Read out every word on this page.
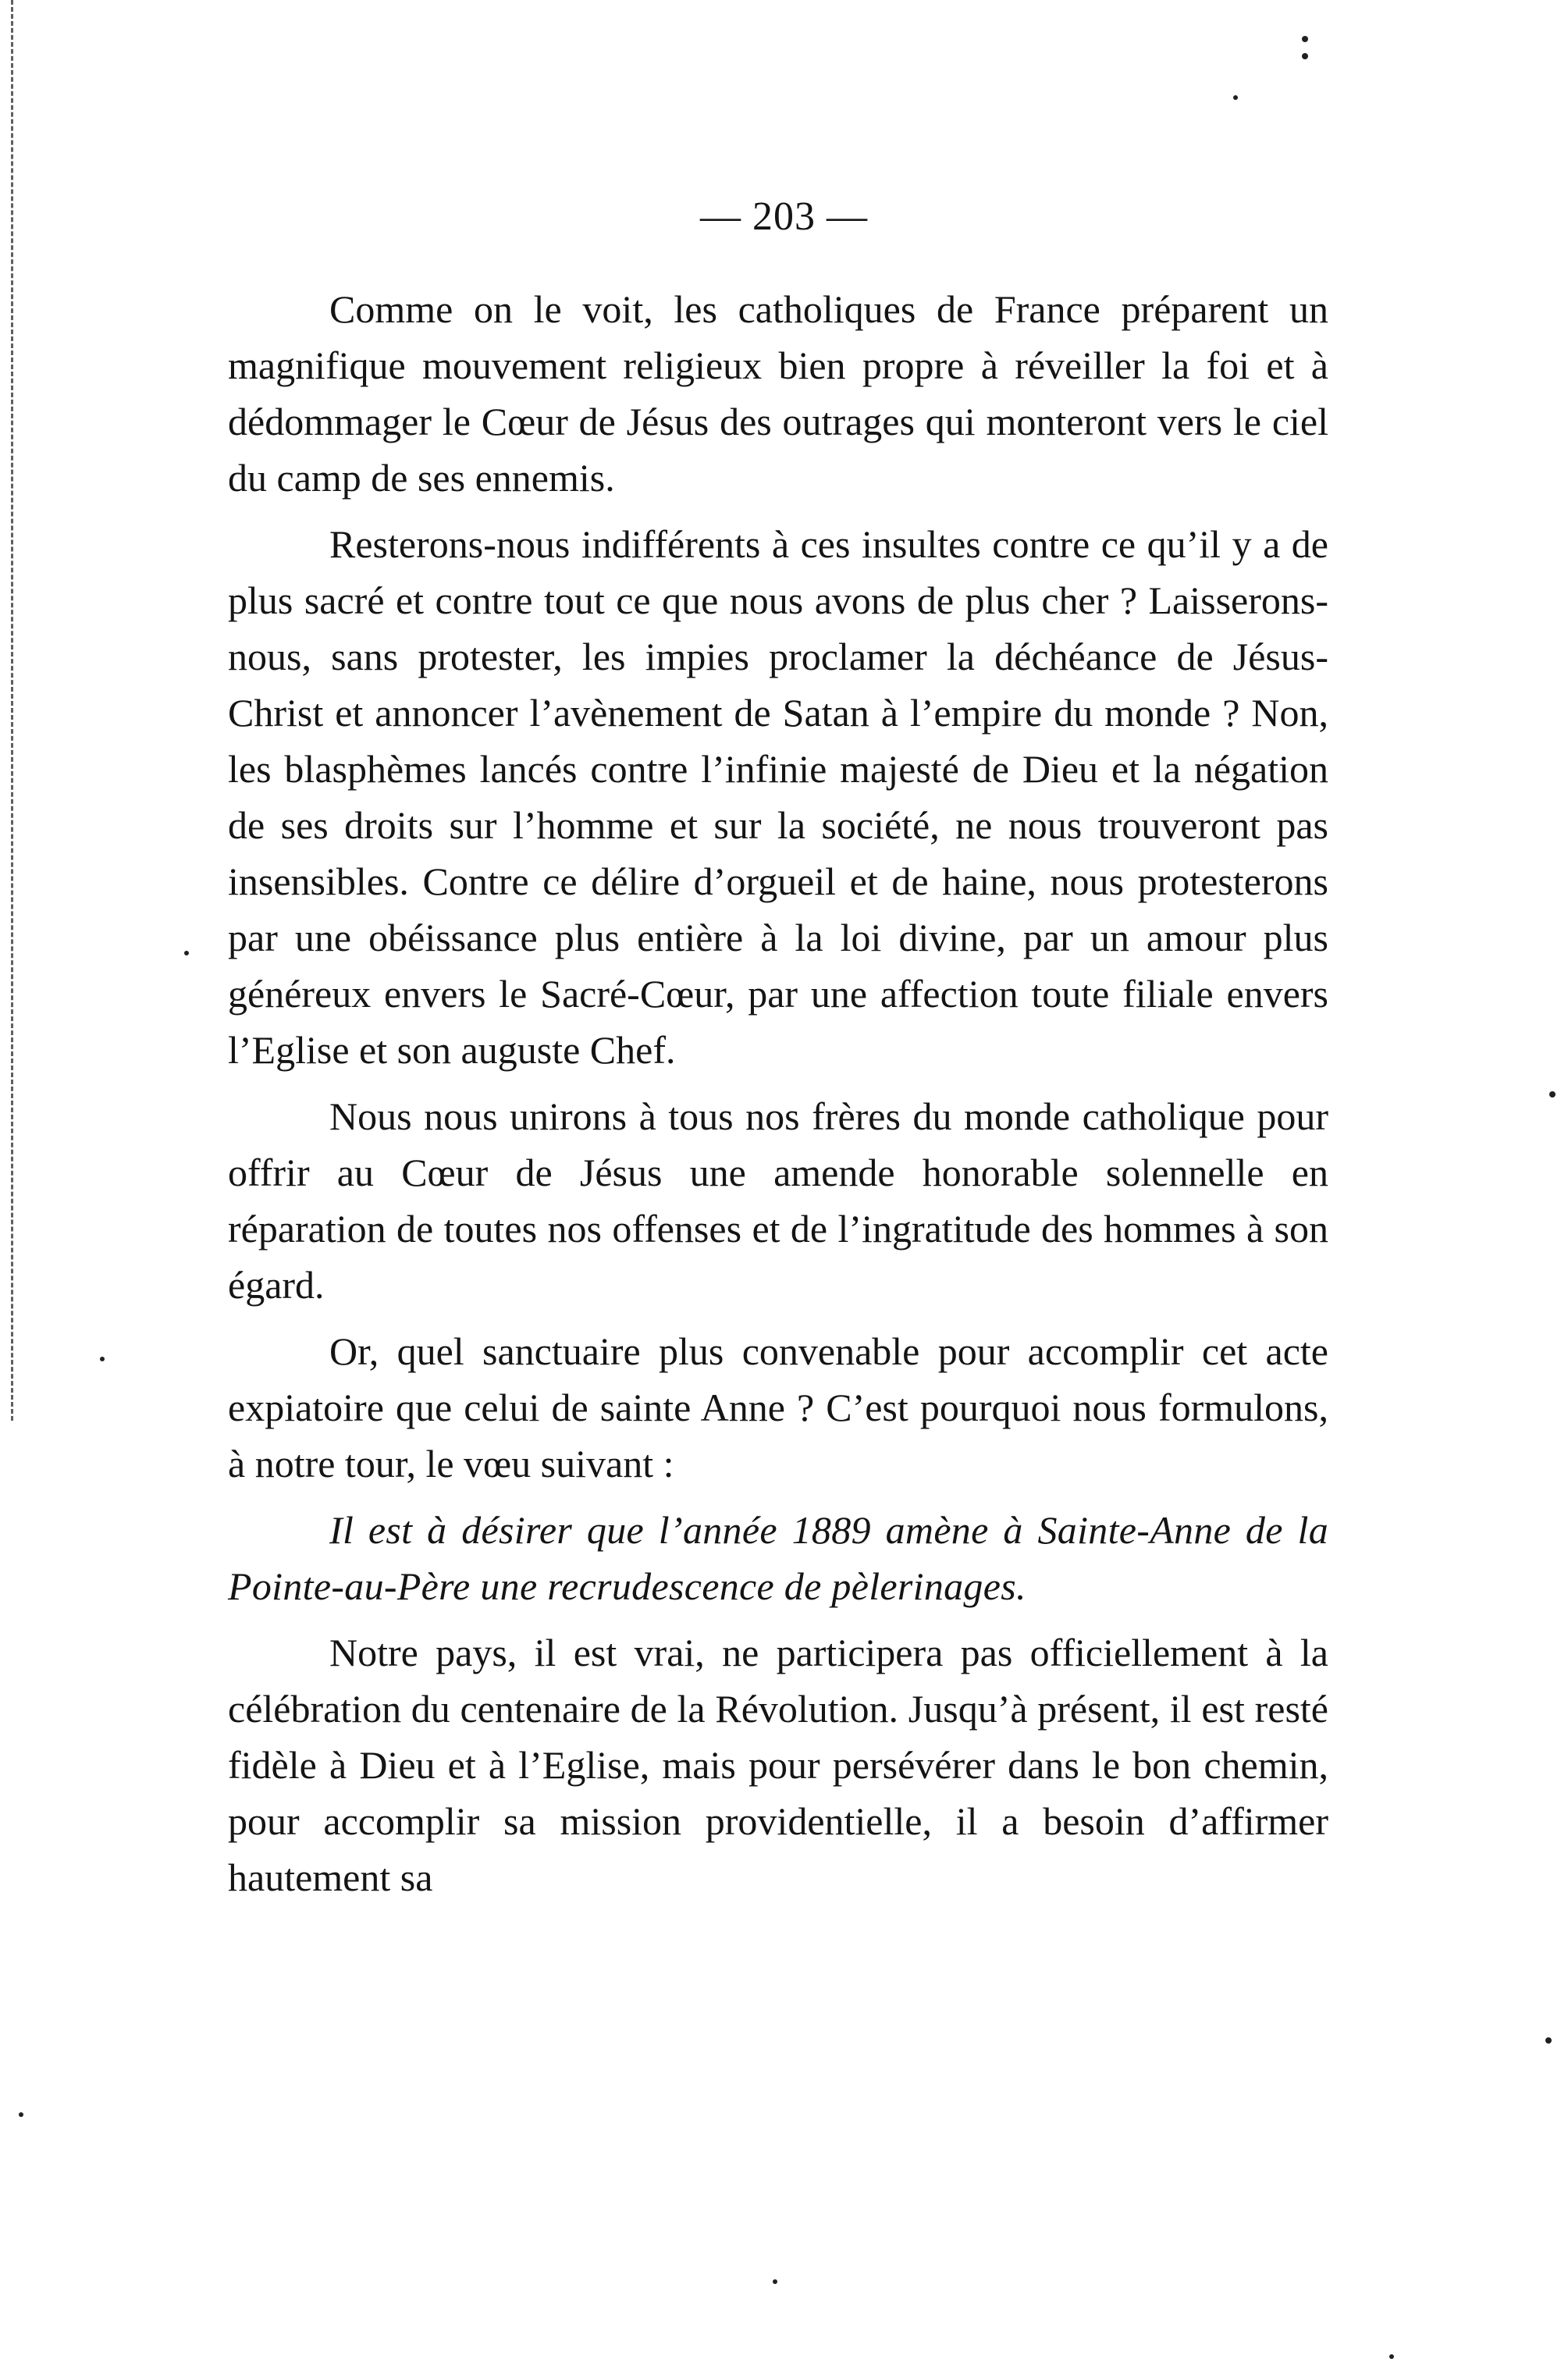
— 203 —

Comme on le voit, les catholiques de France préparent un magnifique mouvement religieux bien propre à réveiller la foi et à dédommager le Cœur de Jésus des outrages qui monteront vers le ciel du camp de ses ennemis.

Resterons-nous indifférents à ces insultes contre ce qu’il y a de plus sacré et contre tout ce que nous avons de plus cher ? Laisserons-nous, sans protester, les impies proclamer la déchéance de Jésus-Christ et annoncer l’avènement de Satan à l’empire du monde ? Non, les blasphèmes lancés contre l’infinie majesté de Dieu et la négation de ses droits sur l’homme et sur la société, ne nous trouveront pas insensibles. Contre ce délire d’orgueil et de haine, nous protesterons par une obéissance plus entière à la loi divine, par un amour plus généreux envers le Sacré-Cœur, par une affection toute filiale envers l’Eglise et son auguste Chef.

Nous nous unirons à tous nos frères du monde catholique pour offrir au Cœur de Jésus une amende honorable solennelle en réparation de toutes nos offenses et de l’ingratitude des hommes à son égard.

Or, quel sanctuaire plus convenable pour accomplir cet acte expiatoire que celui de sainte Anne ? C’est pourquoi nous formulons, à notre tour, le vœu suivant :

Il est à désirer que l’année 1889 amène à Sainte-Anne de la Pointe-au-Père une recrudescence de pèlerinages.

Notre pays, il est vrai, ne participera pas officiellement à la célébration du centenaire de la Révolution. Jusqu’à présent, il est resté fidèle à Dieu et à l’Eglise, mais pour persévérer dans le bon chemin, pour accomplir sa mission providentielle, il a besoin d’affirmer hautement sa
